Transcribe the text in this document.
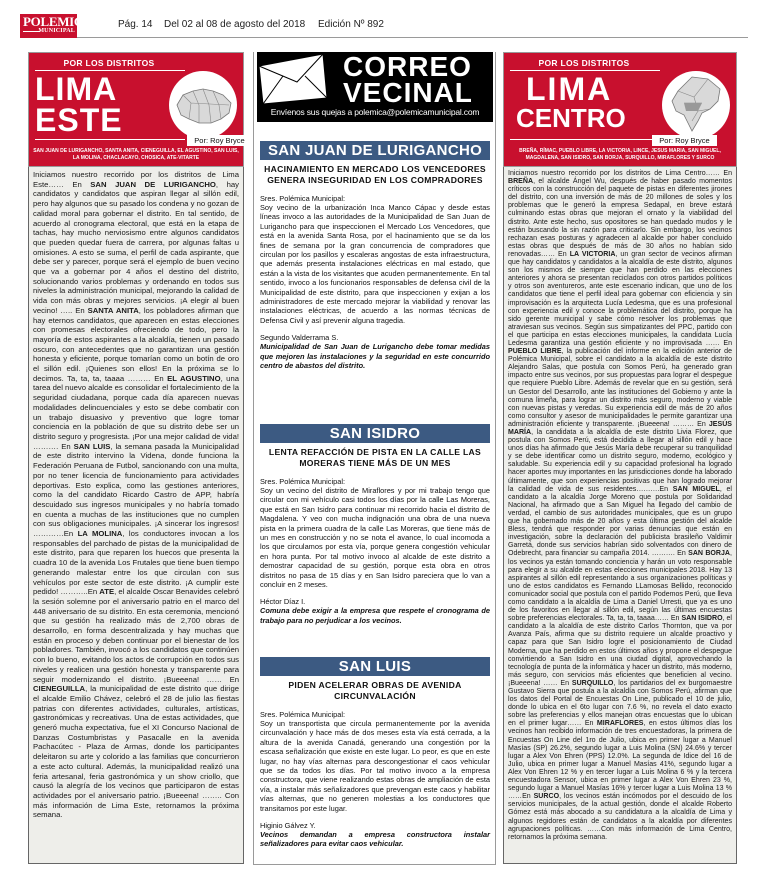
POLEMICA
MUNICIPAL
Pág. 14 Del 02 al 08 de agosto del 2018 Edición Nº 892
POR LOS DISTRITOS
LIMA
ESTE
Por: Roy Bryce
SAN JUAN DE LURIGANCHO, SANTA ANITA, CIENEGUILLA, EL AGUSTINO, SAN LUIS, LA MOLINA, CHACLACAYO, CHOSICA, ATE-VITARTE
Iniciamos nuestro recorrido por los distritos de Lima Este…… En SAN JUAN DE LURIGANCHO, hay candidatos y candidatos que aspiran llegar al sillón edil, pero hay algunos que su pasado los condena y no gozan de calidad moral para gobernar el distrito. En tal sentido, de acuerdo al cronograma electoral, que está en la etapa de tachas, hay mucho nerviosismo entre algunos candidatos que pueden quedar fuera de carrera, por algunas faltas u omisiones. A esto se suma, el perfil de cada aspirante, que debe ser y parecer, porque será el ejemplo de buen vecino que va a gobernar por 4 años el destino del distrito, solucionando varios problemas y ordenando en todos sus niveles la administración municipal, mejorando la calidad de vida con más obras y mejores servicios. ¡A elegir al buen vecino! ….. En SANTA ANITA, los pobladores afirman que hay eternos candidatos, que aparecen en estas elecciones con promesas electorales ofreciendo de todo, pero la mayoría de estos aspirantes a la alcaldía, tienen un pasado oscuro, con antecedentes que no garantizan una gestión honesta y eficiente, porque tomarían como un botín de oro el sillón edil. ¡Quienes son ellos! En la próxima se lo decimos. Ta, ta, ta, taaaa ……… En EL AGUSTINO, una tarea del nuevo alcalde es consolidar el fortalecimiento de la seguridad ciudadana, porque cada día aparecen nuevas modalidades delincuenciales y esto se debe combatir con un trabajo disuasivo y preventivo que logre tomar conciencia en la población de que su distrito debe ser un distrito seguro y progresista. ¡Por una mejor calidad de vida! ………. En SAN LUIS, la semana pasada la Municipalidad de este distrito intervino la Videna, donde funciona la Federación Peruana de Futbol, sancionando con una multa, por no tener licencia de funcionamiento para actividades deportivas. Esto explica, como las gestiones anteriores, como la del candidato Ricardo Castro de APP, habría descuidado sus ingresos municipales y no habría tomado en cuenta a muchas de las instituciones que no cumplen con sus obligaciones municipales. ¡A sincerar los ingresos! …………En LA MOLINA, los conductores invocan a los responsables del parchado de pistas de la municipalidad de este distrito, para que reparen los huecos que presenta la cuadra 10 de la avenida Los Frutales que tiene buen tiempo generando malestar entre los que circulan con sus vehículos por este sector de este distrito. ¡A cumplir este pedido! ………..En ATE, el alcalde Oscar Benavides celebró la sesión solemne por el aniversario patrio en el marco del 448 aniversario de su distrito. En esta ceremonia, mencionó que su gestión ha realizado más de 2,700 obras de desarrollo, en forma descentralizada y hay muchas que están en proceso y deben continuar por el bienestar de los pobladores. También, invocó a los candidatos que continúen con lo bueno, evitando los actos de corrupción en todos sus niveles y realicen una gestión honesta y transparente para seguir modernizando el distrito. ¡Bueeena! …… En CIENEGUILLA, la municipalidad de este distrito que dirige el alcalde Emilio Chávez, celebró el 28 de julio las fiestas patrias con diferentes actividades, culturales, artísticas, gastronómicas y recreativas. Una de estas actividades, que generó mucha expectativa, fue el XI Concurso Nacional de Danzas Costumbristas y Pasacalle en la avenida Pachacútec - Plaza de Armas, donde los participantes deleitaron su arte y colorido a las familias que concurrieron a este acto cultural. Además, la municipalidad realizó una feria artesanal, feria gastronómica y un show criollo, que causó la alegría de los vecinos que participaron de estas actividades por el aniversario patrio. ¡Bueeena! …….. Con más información de Lima Este, retornamos la próxima semana.
CORREO
VECINAL
Envíenos sus quejas a polemica@polemicamunicipal.com
SAN JUAN DE LURIGANCHO
HACINAMIENTO EN MERCADO LOS VENCEDORES GENERA INSEGURIDAD EN LOS COMPRADORES
Sres. Polémica Municipal:
Soy vecino de la urbanización Inca Manco Cápac y desde estas líneas invoco a las autoridades de la Municipalidad de San Juan de Lurigancho para que inspeccionen el Mercado Los Vencedores, que está en la avenida Santa Rosa, por el hacinamiento que se da los fines de semana por la gran concurrencia de compradores que circulan por los pasillos y escaleras angostas de esta infraestructura, que además presenta instalaciones eléctricas en mal estado, que están a la vista de los visitantes que acuden permanentemente. En tal sentido, invoco a los funcionarios responsables de defensa civil de la Municipalidad de este distrito, para que inspeccionen y exijan a los administradores de este mercado mejorar la viabilidad y renovar las instalaciones eléctricas, de acuerdo a las normas técnicas de Defensa Civil y así prevenir alguna tragedia.
Segundo Valderrama S.
Municipalidad de San Juan de Lurigancho debe tomar medidas que mejoren las instalaciones y la seguridad en este concurrido centro de abastos del distrito.
SAN ISIDRO
LENTA REFACCIÓN DE PISTA EN LA CALLE LAS MORERAS TIENE MÁS DE UN MES
Sres. Polémica Municipal:
Soy un vecino del distrito de Miraflores y por mi trabajo tengo que circular con mi vehículo casi todos los días por la calle Las Moreras, que está en San Isidro para continuar mi recorrido hacia el distrito de Magdalena. Y veo con mucha indignación una obra de una nueva pista en la primera cuadra de la calle Las Moreras, que tiene más de un mes en construcción y no se nota el avance, lo cual incomoda a los que circulamos por esta vía, porque genera congestión vehicular en hora punta. Por tal motivo invoco al alcalde de este distrito a demostrar capacidad de su gestión, porque esta obra en otros distritos no pasa de 15 días y en San Isidro pareciera que lo van a concluir en 2 meses.
Héctor Díaz I.
Comuna debe exigir a la empresa que respete el cronograma de trabajo para no perjudicar a los vecinos.
SAN LUIS
PIDEN ACELERAR OBRAS DE AVENIDA CIRCUNVALACIÓN
Sres. Polémica Municipal:
Soy un transportista que circula permanentemente por la avenida circunvalación y hace más de dos meses esta vía está cerrada, a la altura de la avenida Canadá, generando una congestión por la escasa señalización que existe en este lugar. Lo peor, es que en este lugar, no hay vías alternas para descongestionar el caos vehicular que se da todos los días. Por tal motivo invoco a la empresa constructora, que viene realizando estas obras de ampliación de esta vía, a instalar más señalizadores que prevengan este caos y habilitar vías alternas, que no generen molestias a los conductores que transitamos por este lugar.
Higinio Gálvez Y.
Vecinos demandan a empresa constructora instalar señalizadores para evitar caos vehicular.
POR LOS DISTRITOS
LIMA
CENTRO
Por: Roy Bryce
BREÑA, RÍMAC, PUEBLO LIBRE, LA VICTORIA, LINCE, JESUS MARIA, SAN MIGUEL, MAGDALENA, SAN ISIDRO, SAN BORJA, SURQUILLO, MIRAFLORES Y SURCO
Iniciamos nuestro recorrido por los distritos de Lima Centro…… En BREÑA, el alcalde Ángel Wu, después de haber pasado momentos críticos con la construcción del paquete de pistas en diferentes jirones del distrito, con una inversión de más de 20 millones de soles y los problemas que le generó la empresa Sedapal, en breve estará culminando estas obras que mejoran el ornato y la viabilidad del distrito. Ante este hecho, sus opositores se han quedado mudos y le están buscando la sin razón para criticarlo. Sin embargo, los vecinos rechazan esas posturas y agradecen al alcalde por haber concluido estas obras que después de más de 30 años no habían sido renovadas…… En LA VICTORIA, un gran sector de vecinos afirman que hay candidatos y candidatos a la alcaldía de este distrito, algunos son los mismos de siempre que han perdido en las elecciones anteriores y ahora se presentan reciclados con otros partidos políticos y otros son aventureros, ante este escenario indican, que uno de los candidatos que tiene el perfil ideal para gobernar con eficiencia y sin improvisación es la arquitecta Lucía Ledesma, que es una profesional con experiencia edil y conoce la problemática del distrito, porque ha sido gerente municipal y sabe cómo resolver los problemas que atraviesan sus vecinos. Según sus simpatizantes del PPC, partido con el que participa en estas elecciones municipales, la candidata Lucía Ledesma garantiza una gestión eficiente y no improvisada …… En PUEBLO LIBRE, la publicación del informe en la edición anterior de Polémica Municipal, sobre el candidato a la alcaldía de este distrito Alejandro Salas, que postula con Somos Perú, ha generado gran impacto entre sus vecinos, por sus propuestas para lograr el despegue que requiere Pueblo Libre. Además de revelar que en su gestión, será un Gestor del Desarrollo, ante las instituciones del Gobierno y ante la comuna limeña, para lograr un distrito más seguro, moderno y viable con nuevas pistas y veredas. Su experiencia edil de más de 20 años como consultor y asesor de municipalidades le permite garantizar una administración eficiente y transparente. ¡Bueeena! ……… En JESÚS MARÍA, la candidata a la alcaldía de este distrito Livia Florez, que postula con Somos Perú, está decidida a llegar al sillón edil y hace unos días ha afirmado que Jesús María debe recuperar su tranquilidad y se debe identificar como un distrito seguro, moderno, ecológico y saludable. Su experiencia edil y su capacidad profesional ha logrado hacer aportes muy importantes en las jurisdicciones donde ha laborado últimamente, que son experiencias positivas que han logrado mejorar la calidad de vida de sus residentes……….En SAN MIGUEL, el candidato a la alcaldía Jorge Moreno que postula por Solidaridad Nacional, ha afirmado que a San Miguel ha llegado del cambio de verdad, el cambio de sus autoridades municipales, que es un grupo que ha gobernado más de 20 años y esta última gestión del alcalde Bless, tendrá que responder por varias denuncias que están en investigación, sobre la declaración del publicista brasileño Valdimir Garretá, donde sus servicios habrían sido solventados con dinero de Odebrecht, para financiar su campaña 2014. ………. En SAN BORJA, los vecinos ya están tomando conciencia y harán un voto responsable para elegir a su alcalde en estas elecciones municipales 2018. Hay 13 aspirantes al sillón edil representando a sus organizaciones políticas y uno de estos candidatos es Fernando LLamosas Bellido, reconocido comunicador social que postula con el partido Podemos Perú, que lleva como candidato a la alcaldía de Lima a Daniel Urresti, que ya es uno de los favoritos en llegar al sillón edil, según las últimas encuestas sobre preferencias electorales. Ta, ta, ta, taaaa…… En SAN ISIDRO, el candidato a la alcaldía de este distrito Carlos Thornton, que va por Avanza País, afirma que su distrito requiere un alcalde proactivo y capaz para que San Isidro logre el posicionamiento de Ciudad Moderna, que ha perdido en estos últimos años y propone el despegue convirtiendo a San Isidro en una ciudad digital, aprovechando la tecnología de punta de la informática y hacer un distrito, más moderno, más seguro, con servicios más eficientes que beneficien al vecino. ¡Bueeena! …… En SURQUILLO, los partidarios del ex burgomaestre Gustavo Sierra que postula a la alcaldía con Somos Perú, afirman que los datos del Portal de Encuestas On Line, publicado el 10 de julio, donde lo ubica en el 6to lugar con 7.6 %, no revela el dato exacto sobre las preferencias y ellos manejan otras encuestas que lo ubican en el primer lugar…… En MIRAFLORES, en estos últimos días los vecinos han recibido información de tres encuestadoras, la primera de Encuestas On Line del 1ro de Julio, ubica en primer lugar a Manuel Masías (SP) 26.2%, segundo lugar a Luis Molina (SN) 24.6% y tercer lugar a Alex Von Ehren (PPS) 12.0%. La segunda de Idice del 16 de Julio, ubica en primer lugar a Manuel Masías 41%, segundo lugar a Alex Von Ehren 12 % y en tercer lugar a Luis Molina 6 % y la tercera encuestadora Sensor, ubica en primer lugar a Alex Von Ehren 23 %, segundo lugar a Manuel Masías 16% y tercer lugar a Luis Molina 13 % ……En SURCO, los vecinos están incómodos por el descuido de los servicios municipales, de la actual gestión, donde el alcalde Roberto Gómez está más abocado a su candidatura a la alcaldía de Lima y algunos regidores están de candidatos a la alcaldía por diferentes agrupaciones políticas. ……Con más información de Lima Centro, retornamos la próxima semana.
